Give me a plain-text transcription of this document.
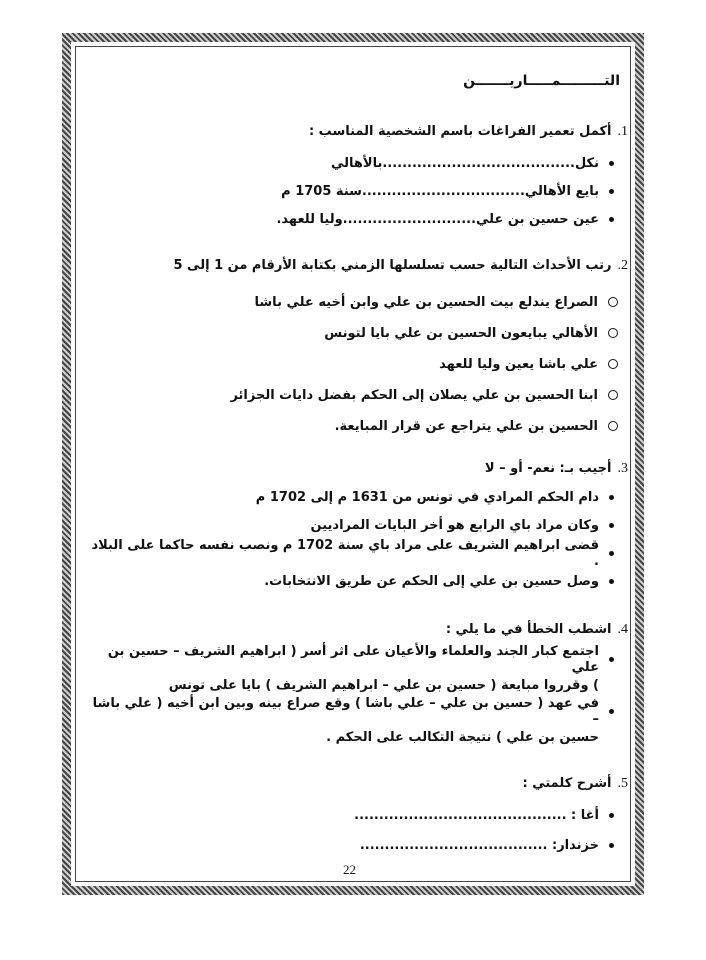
التـــــــــمـــــاريـــــــن
1.
أكمل تعمير الفراغات باسم الشخصية المناسب :
نكل.......................................بالأهالي
بايع الأهالي.................................سنة 1705 م
عين حسين بن علي...........................وليا للعهد.
2.
رتب الأحداث التالية حسب تسلسلها الزمني بكتابة الأرقام من 1 إلى 5
الصراع يندلع بيت الحسين بن علي وابن أخيه علي باشا
الأهالي يبايعون الحسين بن علي بايا لتونس
علي باشا يعين وليا للعهد
ابنا الحسين بن علي يصلان إلى الحكم بفضل دايات الجزائر
الحسين بن علي يتراجع عن قرار المبايعة.
3.
أجيب بـ: نعم- أو – لا
دام الحكم المرادي في تونس من 1631 م إلى 1702 م
وكان مراد باي الرابع هو أخر البايات المراديين
قضى ابراهيم الشريف على مراد باي سنة 1702 م ونصب نفسه حاكما على البلاد .
وصل حسين بن علي إلى الحكم عن طريق الانتخابات.
4.
اشطب الخطأ في ما يلي :
اجتمع كبار الجند والعلماء والأعيان على اثر أسر ( ابراهيم الشريف – حسين بن علي
) وقرروا مبايعة ( حسين بن علي – ابراهيم الشريف ) بايا على تونس
في عهد ( حسين بن علي – علي باشا ) وقع صراع بينه وبين ابن أخيه ( علي باشا –
حسين بن علي ) نتيجة التكالب على الحكم .
5.
أشرح كلمتي :
أغا : ...........................................
خزندار: ......................................
22
